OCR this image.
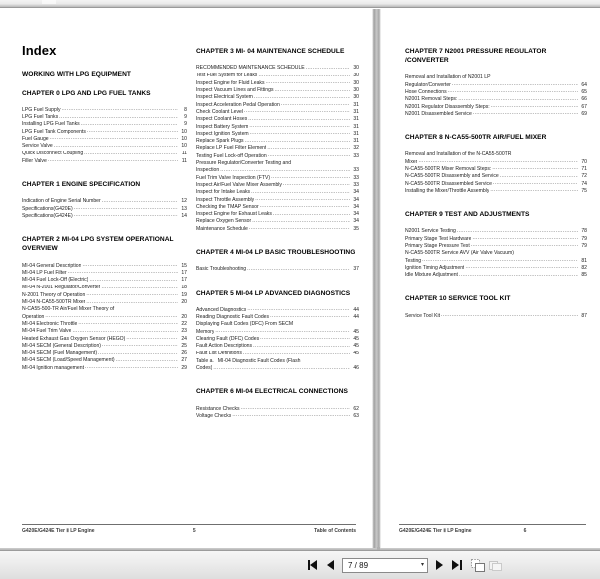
Index
WORKING WITH LPG EQUIPMENT
CHAPTER 0 LPG AND LPG FUEL TANKS
LPG Fuel Supply .....	8
LPG Fuel Tanks .....	9
Installing LPG Fuel Tanks .....	9
LPG Fuel Tank Components .....	10
Fuel Gauge .....	10
Service Valve .....	10
Quick Disconnect Coupling .....	11
Filler Valve .....	11
CHAPTER 1 ENGINE SPECIFICATION
Indication of Engine Serial Number .....	12
Specifications(G420E) .....	13
Specifications(G424E) .....	14
CHAPTER 2 MI-04 LPG SYSTEM OPERATIONAL OVERVIEW
MI-04 General Description .....	15
MI-04 LP Fuel Filter .....	17
MI-04 Fuel Lock-Off (Electric) .....	17
MI-04 N-2001 Regulator/Converter .....	18
N-2001 Theory of Operation .....	19
MI-04 N-CA55-500TR Mixer .....	20
N-CA55-500-TR Air/Fuel Mixer Theory of
Operation .....	20
MI-04 Electronic Throttle .....	22
MI-04 Fuel Trim Valve .....	23
Heated Exhaust Gas Oxygen Sensor (HEGO) .....	24
MI-04 SECM (General Description) .....	25
MI-04 SECM (Fuel Management) .....	26
MI-04 SECM (Load/Speed Management) .....	27
MI-04 Ignition management .....	29
CHAPTER 3 MI- 04 MAINTENANCE SCHEDULE
RECOMMENDED MAINTENANCE SCHEDULE .....	30
Test Fuel System for Leaks .....	30
Inspect Engine for Fluid Leaks .....	30
Inspect Vacuum Lines and Fittings .....	30
Inspect Electrical System .....	30
Inspect Acceleration Pedal Operation .....	31
Check Coolant Level .....	31
Inspect Coolant Hoses .....	31
Inspect Battery System .....	31
Inspect Ignition System .....	31
Replace Spark Plugs .....	31
Replace LP Fuel Filter Element .....	32
Testing Fuel Lock-off Operation .....	33
Pressure Regulator/Converter Testing and
Inspection .....	33
Fuel Trim Valve Inspection (FTV) .....	33
Inspect Air/Fuel Valve Mixer Assembly .....	33
Inspect for Intake Leaks .....	34
Inspect Throttle Assembly .....	34
Checking the TMAP Sensor .....	34
Inspect Engine for Exhaust Leaks .....	34
Replace Oxygen Sensor .....	34
Maintenance Schedule .....	35
CHAPTER 4 MI-04 LP BASIC TROUBLESHOOTING
Basic Troubleshooting .....	37
CHAPTER 5 MI-04 LP ADVANCED DIAGNOSTICS
Advanced Diagnostics .....	44
Reading Diagnostic Fault Codes .....	44
Displaying Fault Codes (DFC) From SECM
Memory .....	45
Clearing Fault (DFC) Codes .....	45
Fault Action Descriptions .....	45
Fault List Definitions .....	45
Table a.  MI-04 Diagnostic Fault Codes (Flash
Codes) .....	46
CHAPTER 6 MI-04 ELECTRICAL CONNECTIONS
Resistance Checks .....	62
Voltage Checks .....	63
G420E/G424E Tier Ⅱ LP Engine	5	Table of Contents
CHAPTER 7 N2001 PRESSURE REGULATOR /CONVERTER
Removal and Installation of N2001 LP
Regulator/Converter .....	64
Hose Connections .....	65
N2001 Removal Steps: .....	66
N2001 Regulator Disassembly Steps: .....	67
N2001 Disassembled Service .....	69
CHAPTER 8 N-CA55-500TR AIR/FUEL MIXER
Removal and Installation of the N-CA55-500TR
Mixer .....	70
N-CA55-500TR Mixer Removal Steps: .....	71
N-CA55-500TR Disassembly and Service .....	72
N-CA55-500TR Disassembled Service .....	74
Installing the Mixer/Throttle Assembly .....	75
CHAPTER 9 TEST AND ADJUSTMENTS
N2001 Service Testing .....	78
Primary Stage Test Hardware .....	79
Primary Stage Pressure Test .....	79
N-CA55-500TR Service AVV (Air Valve Vacuum)
Testing .....	81
Ignition Timing Adjustment .....	82
Idle Mixture Adjustment .....	85
CHAPTER 10 SERVICE TOOL KIT
Service Tool Kit .....	87
G420E/G424E Tier Ⅱ LP Engine	6
7 / 89	▾
